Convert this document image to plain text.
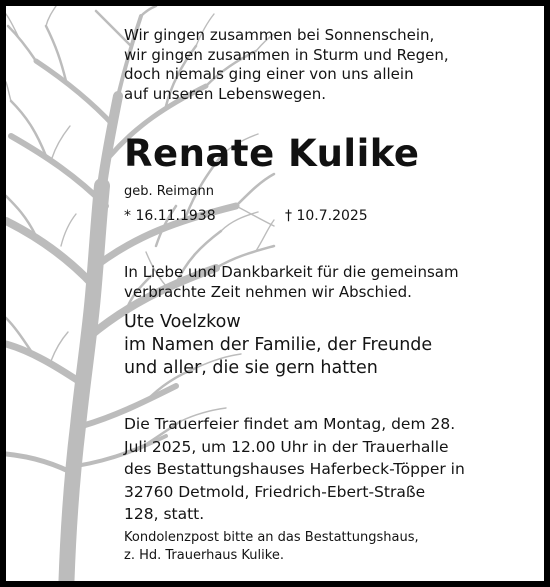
Wir gingen zusammen bei Sonnenschein,
wir gingen zusammen in Sturm und Regen,
doch niemals ging einer von uns allein
auf unseren Lebenswegen.
Renate Kulike
geb. Reimann
* 16.11.1938	† 10.7.2025
In Liebe und Dankbarkeit für die gemeinsam
verbrachte Zeit nehmen wir Abschied.
Ute Voelzkow
im Namen der Familie, der Freunde
und aller, die sie gern hatten
Die Trauerfeier findet am Montag, dem 28.
Juli 2025, um 12.00 Uhr in der Trauerhalle
des Bestattungshauses Haferbeck-Töpper in
32760 Detmold, Friedrich-Ebert-Straße
128, statt.
Kondolenzpost bitte an das Bestattungshaus,
z. Hd. Trauerhaus Kulike.
